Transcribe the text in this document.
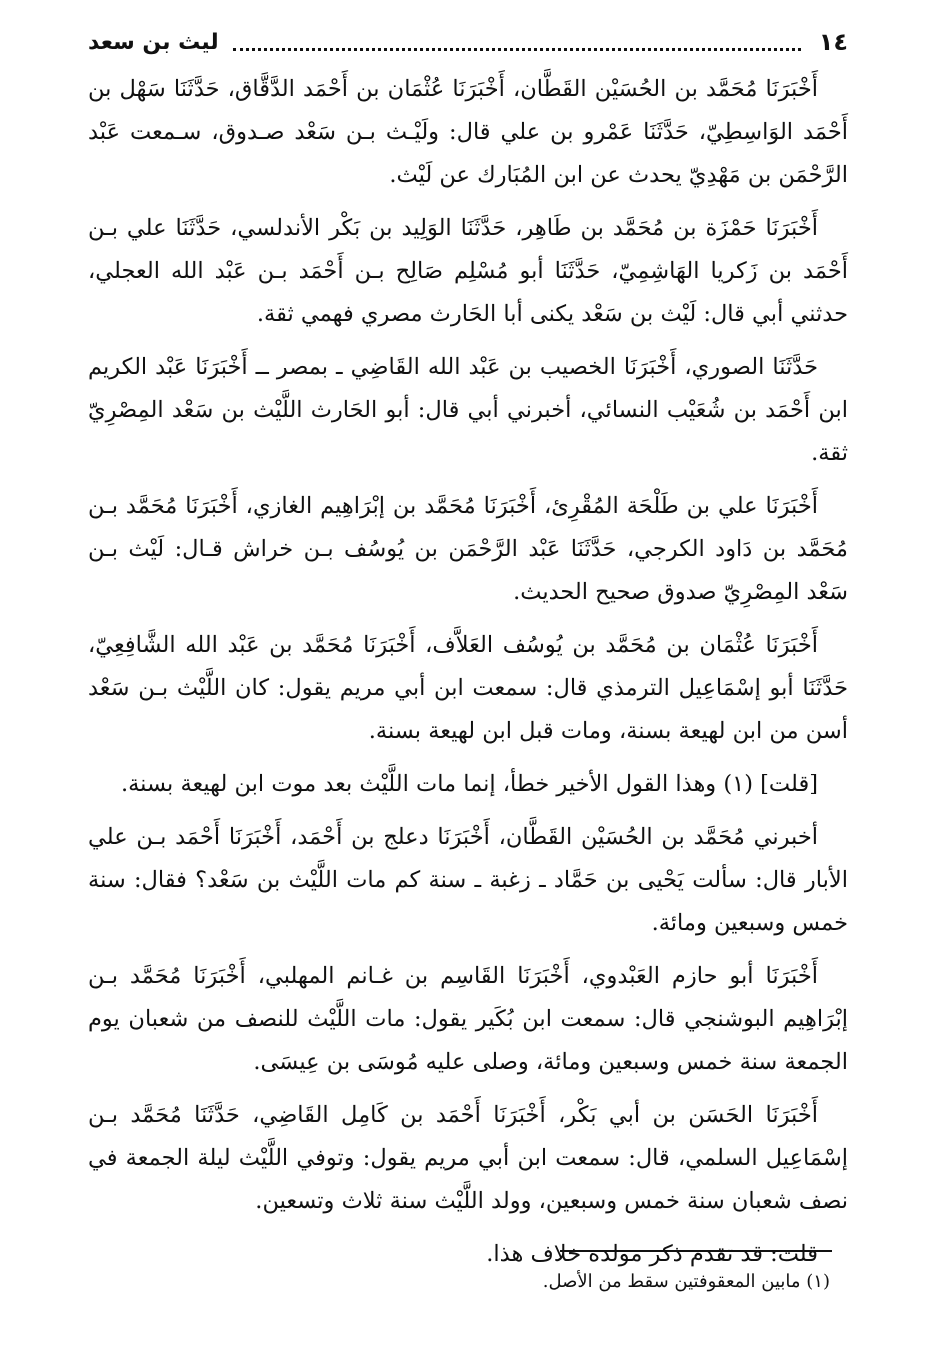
١٤
ليث بن سعد

أَخْبَرَنَا مُحَمَّد بن الحُسَيْن القَطَّان، أَخْبَرَنَا عُثْمَان بن أَحْمَد الدَّقَّاق، حَدَّثَنَا سَهْل بن أَحْمَد الوَاسِطِيّ، حَدَّثَنَا عَمْرو بن علي قال: ولَيْـث بـن سَعْد صـدوق، سـمعت عَبْد الرَّحْمَن بن مَهْدِيّ يحدث عن ابن المُبَارك عن لَيْث.

أَخْبَرَنَا حَمْزَة بن مُحَمَّد بن طَاهِر، حَدَّثَنَا الوَلِيد بن بَكْر الأندلسي، حَدَّثَنَا علي بـن أَحْمَد بن زَكريا الهَاشِمِيّ، حَدَّثَنَا أبو مُسْلِم صَالِح بـن أَحْمَد بـن عَبْد الله العجلي، حدثني أبي قال: لَيْث بن سَعْد يكنى أبا الحَارث مصري فهمي ثقة.

حَدَّثَنَا الصوري، أَخْبَرَنَا الخصيب بن عَبْد الله القَاضِي ـ بمصر ــ أَخْبَرَنَا عَبْد الكريم ابن أَحْمَد بن شُعَيْب النسائي، أخبرني أبي قال: أبو الحَارث اللَّيْث بن سَعْد المِصْرِيّ ثقة.

أَخْبَرَنَا علي بن طَلْحَة المُقْرِئ، أَخْبَرَنَا مُحَمَّد بن إبْرَاهِيم الغازي، أَخْبَرَنَا مُحَمَّد بـن مُحَمَّد بن دَاود الكرجي، حَدَّثَنَا عَبْد الرَّحْمَن بن يُوسُف بـن خراش قـال: لَيْث بـن سَعْد المِصْرِيّ صدوق صحيح الحديث.

أَخْبَرَنَا عُثْمَان بن مُحَمَّد بن يُوسُف العَلاَّف، أَخْبَرَنَا مُحَمَّد بن عَبْد الله الشَّافِعِيّ، حَدَّثَنَا أبو إسْمَاعِيل الترمذي قال: سمعت ابن أبي مريم يقول: كان اللَّيْث بـن سَعْد أسن من ابن لهيعة بسنة، ومات قبل ابن لهيعة بسنة.

[قلت] (١) وهذا القول الأخير خطأ، إنما مات اللَّيْث بعد موت ابن لهيعة بسنة.

أخبرني مُحَمَّد بن الحُسَيْن القَطَّان، أَخْبَرَنَا دعلج بن أَحْمَد، أَخْبَرَنَا أَحْمَد بـن علي الأبار قال: سألت يَحْيى بن حَمَّاد ـ زغبة ـ سنة كم مات اللَّيْث بن سَعْد؟ فقال: سنة خمس وسبعين ومائة.

أَخْبَرَنَا أبو حازم العَبْدوي، أَخْبَرَنَا القَاسِم بن غـانم المهلبي، أَخْبَرَنَا مُحَمَّد بـن إبْرَاهِيم البوشنجي قال: سمعت ابن بُكَير يقول: مات اللَّيْث للنصف من شعبان يوم الجمعة سنة خمس وسبعين ومائة، وصلى عليه مُوسَى بن عِيسَى.

أَخْبَرَنَا الحَسَن بن أبي بَكْر، أَخْبَرَنَا أَحْمَد بن كَامِل القَاضِي، حَدَّثَنَا مُحَمَّد بـن إسْمَاعِيل السلمي، قال: سمعت ابن أبي مريم يقول: وتوفي اللَّيْث ليلة الجمعة في نصف شعبان سنة خمس وسبعين، وولد اللَّيْث سنة ثلاث وتسعين.

قلت: قد تقدم ذكر مولده خلاف هذا.

(١) مابين المعقوفتين سقط من الأصل.
